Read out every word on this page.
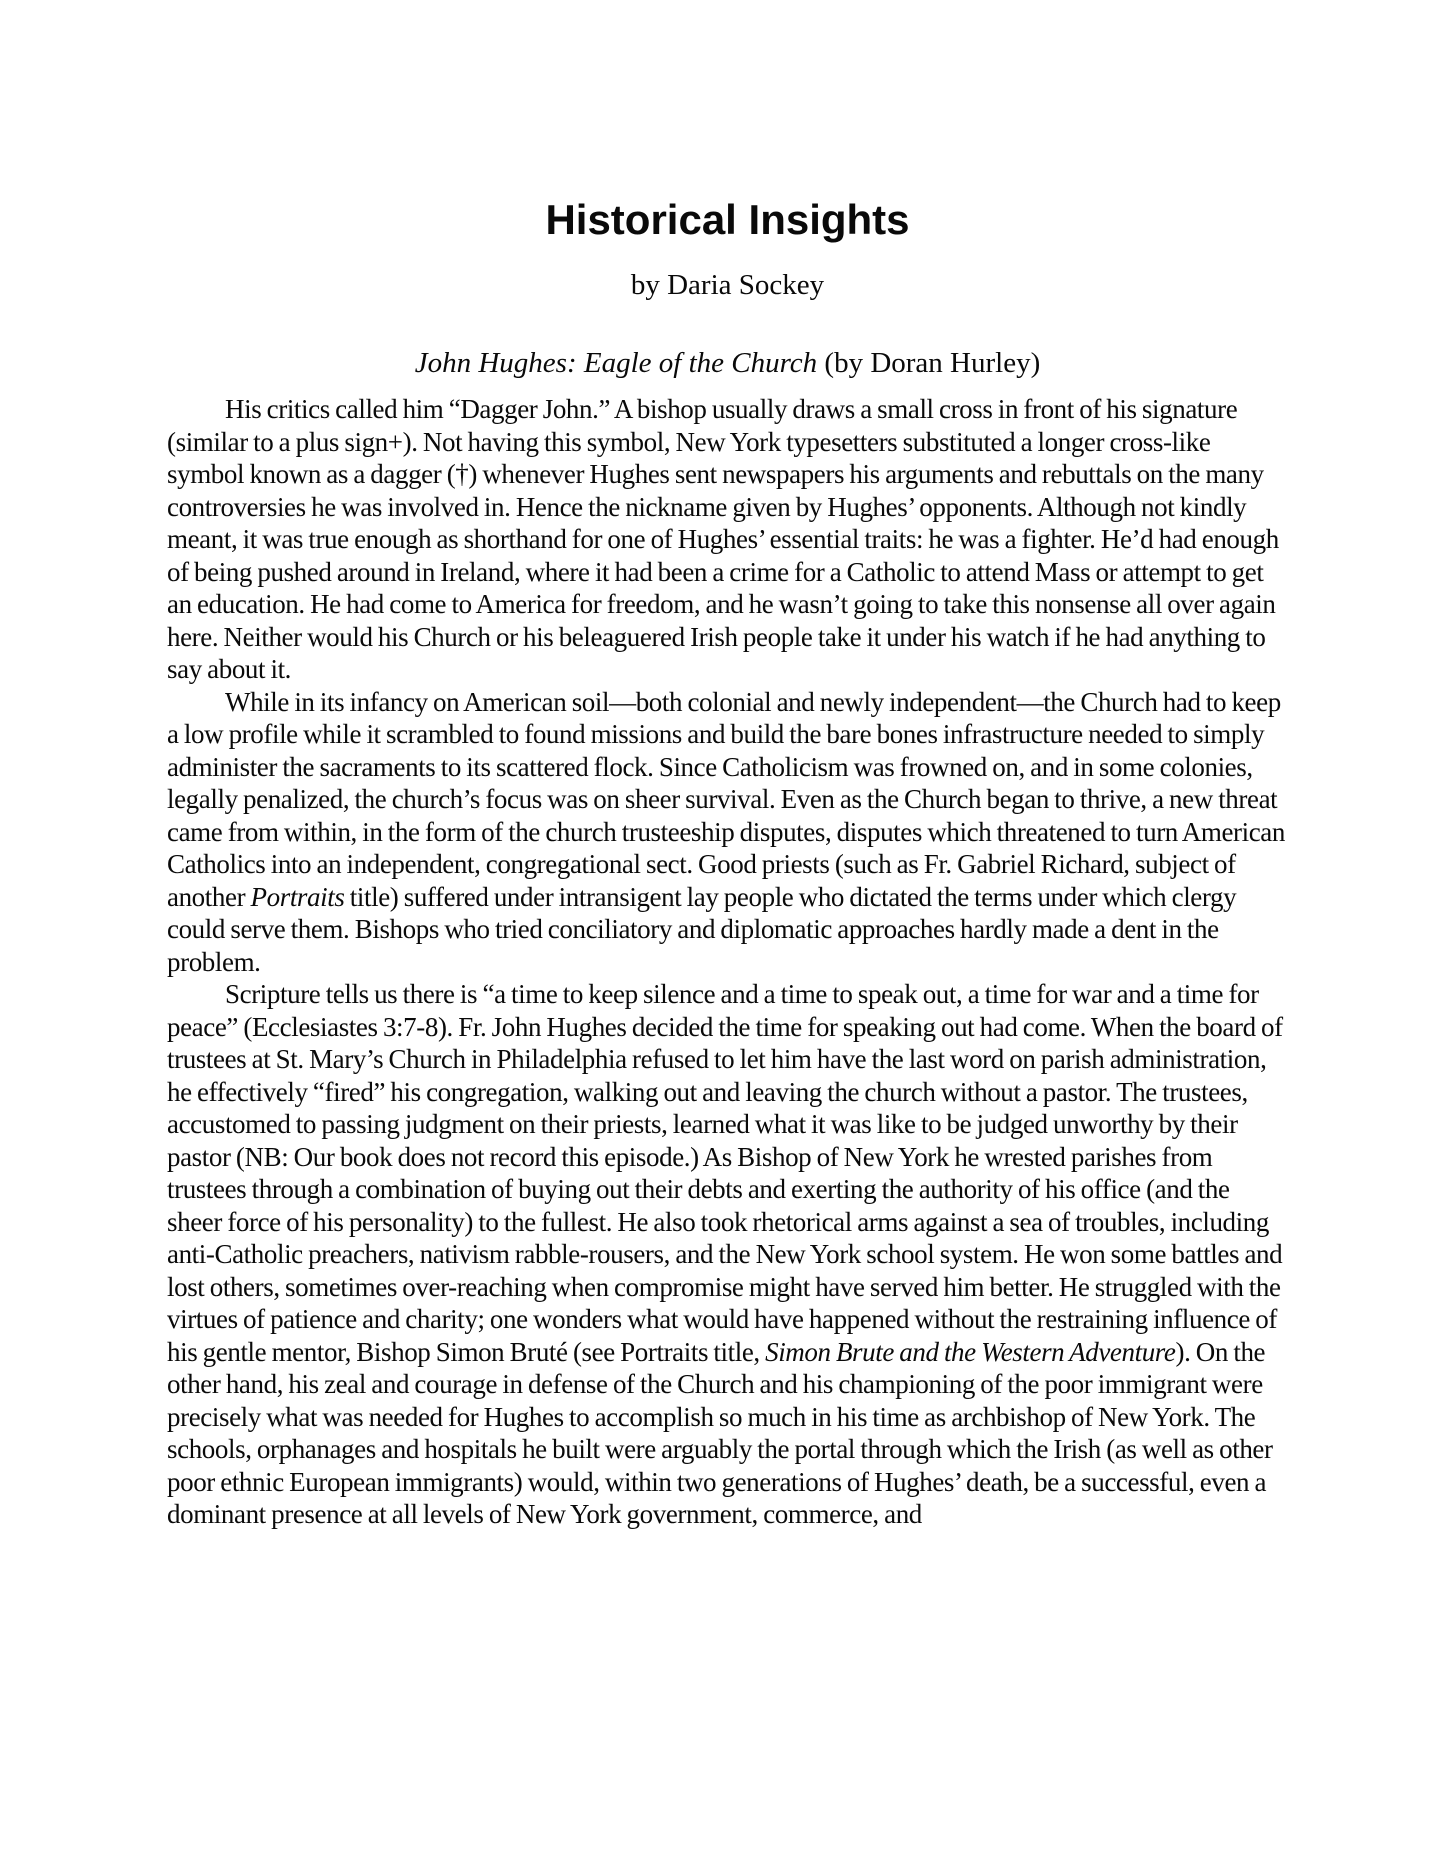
Historical Insights
by Daria Sockey
John Hughes: Eagle of the Church (by Doran Hurley)

His critics called him “Dagger John.” A bishop usually draws a small cross in front of his signature (similar to a plus sign+). Not having this symbol, New York typesetters substituted a longer cross-like symbol known as a dagger (†) whenever Hughes sent newspapers his arguments and rebuttals on the many controversies he was involved in. Hence the nickname given by Hughes’ opponents. Although not kindly meant, it was true enough as shorthand for one of Hughes’ essential traits: he was a fighter. He’d had enough of being pushed around in Ireland, where it had been a crime for a Catholic to attend Mass or attempt to get an education. He had come to America for freedom, and he wasn’t going to take this nonsense all over again here. Neither would his Church or his beleaguered Irish people take it under his watch if he had anything to say about it.

While in its infancy on American soil—both colonial and newly independent—the Church had to keep a low profile while it scrambled to found missions and build the bare bones infrastructure needed to simply administer the sacraments to its scattered flock. Since Catholicism was frowned on, and in some colonies, legally penalized, the church’s focus was on sheer survival. Even as the Church began to thrive, a new threat came from within, in the form of the church trusteeship disputes, disputes which threatened to turn American Catholics into an independent, congregational sect. Good priests (such as Fr. Gabriel Richard, subject of another Portraits title) suffered under intransigent lay people who dictated the terms under which clergy could serve them. Bishops who tried conciliatory and diplomatic approaches hardly made a dent in the problem.

Scripture tells us there is “a time to keep silence and a time to speak out, a time for war and a time for peace” (Ecclesiastes 3:7-8). Fr. John Hughes decided the time for speaking out had come. When the board of trustees at St. Mary’s Church in Philadelphia refused to let him have the last word on parish administration, he effectively “fired” his congregation, walking out and leaving the church without a pastor. The trustees, accustomed to passing judgment on their priests, learned what it was like to be judged unworthy by their pastor (NB: Our book does not record this episode.) As Bishop of New York he wrested parishes from trustees through a combination of buying out their debts and exerting the authority of his office (and the sheer force of his personality) to the fullest. He also took rhetorical arms against a sea of troubles, including anti-Catholic preachers, nativism rabble-rousers, and the New York school system. He won some battles and lost others, sometimes over-reaching when compromise might have served him better. He struggled with the virtues of patience and charity; one wonders what would have happened without the restraining influence of his gentle mentor, Bishop Simon Bruté (see Portraits title, Simon Brute and the Western Adventure). On the other hand, his zeal and courage in defense of the Church and his championing of the poor immigrant were precisely what was needed for Hughes to accomplish so much in his time as archbishop of New York. The schools, orphanages and hospitals he built were arguably the portal through which the Irish (as well as other poor ethnic European immigrants) would, within two generations of Hughes’ death, be a successful, even a dominant presence at all levels of New York government, commerce, and
